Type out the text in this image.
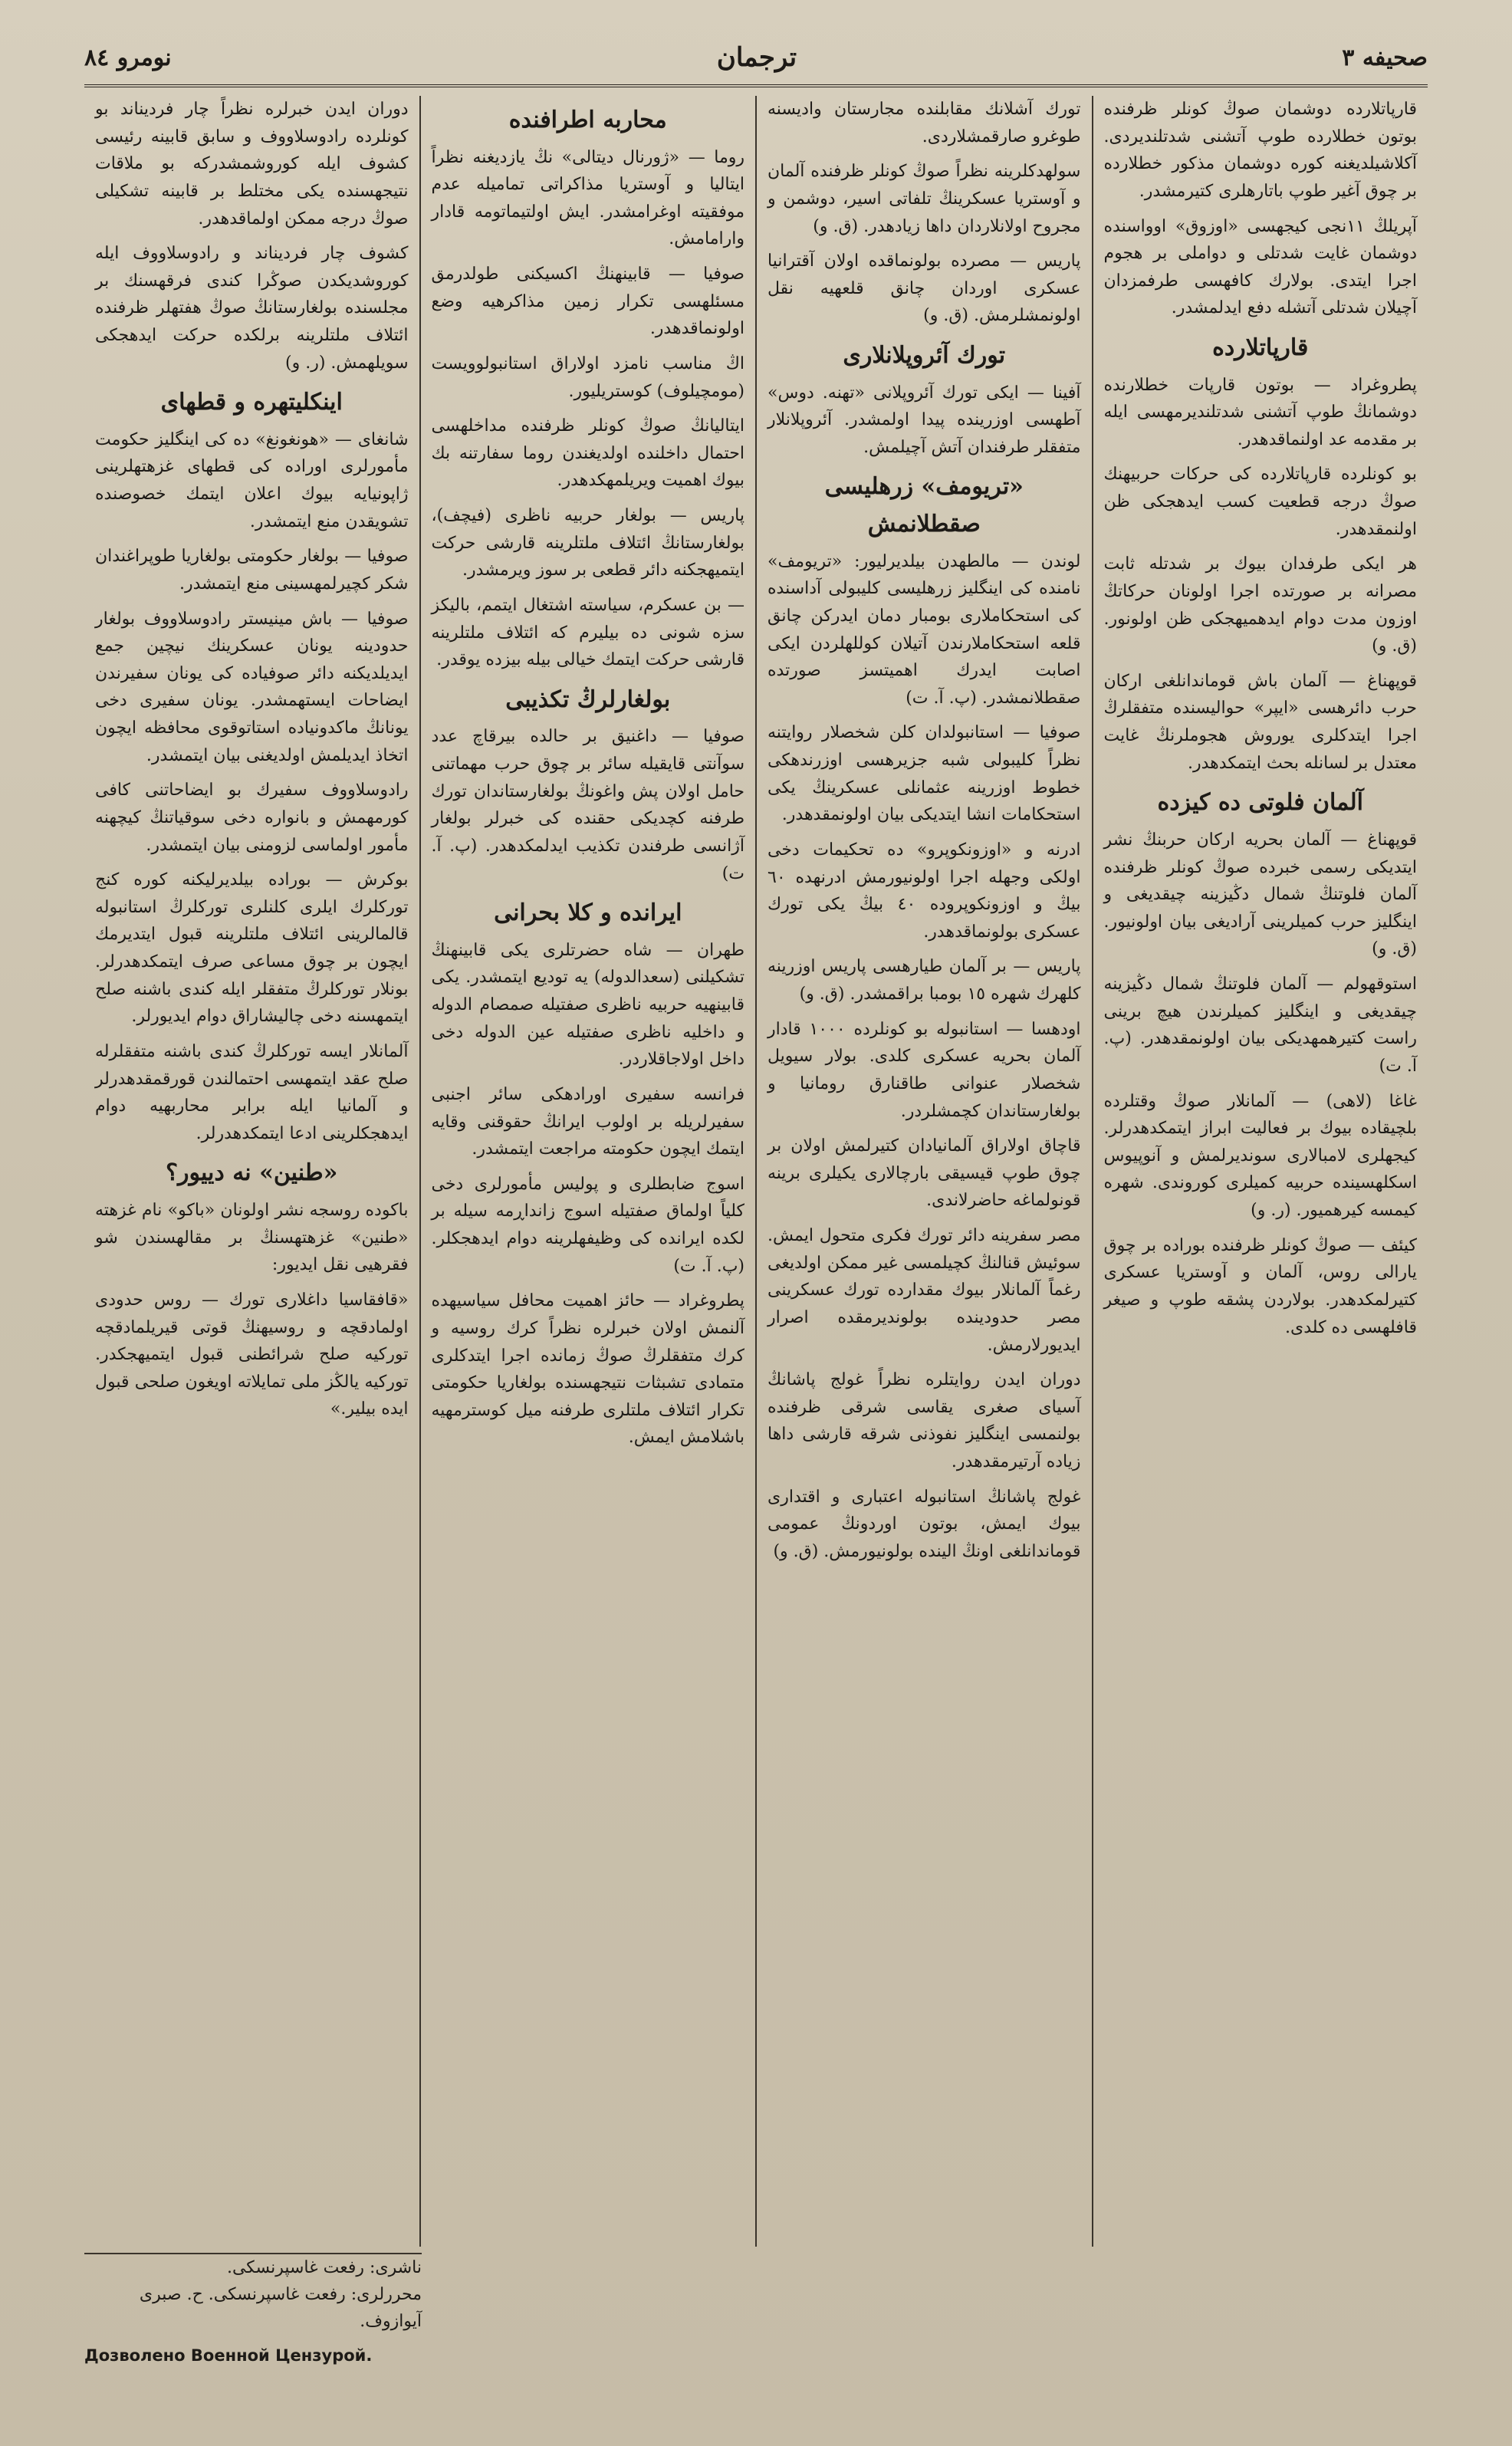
صحيفه ٣
ترجمان
نومرو ٨٤

قارپاتلارده دوشمان صوڭ كونلر ظرفنده بوتون خطلارده طوپ آتشنی شدتلندیردی. آكلاشیلدیغنه كوره دوشمان مذكور خطلارده بر چوق آغیر طوپ باتارهلری كتیرمشدر.

آپریلڭ ١١نجی كیجهسی «اوزوق» اوواسنده دوشمان غایت شدتلی و دواملی بر هجوم اجرا ایتدی. بولارك كافهسی طرفمزدان آچیلان شدتلی آتشله دفع ایدلمشدر.

قارپاتلارده

پطروغراد — بوتون قارپات خطلارنده دوشمانڭ طوپ آتشنی شدتلندیرمهسی ایله بر مقدمه عد اولنماقدهدر.

بو كونلرده قارپاتلارده كی حركات حربیهنك صوڭ درجه قطعیت كسب ایدهجكی ظن اولنمقدهدر.

هر ایكی طرفدان بیوك بر شدتله ثابت مصرانه بر صورتده اجرا اولونان حركاتڭ اوزون مدت دوام ایدهمیهجكی ظن اولونور. (ق. و)

قوپهناغ — آلمان باش قوماندانلغی اركان حرب دائرهسی «ایپر» حوالیسنده متفقلرڭ اجرا ایتدكلری یوروش هجوملرنڭ غایت معتدل بر لسانله بحث ایتمكدهدر.

آلمان فلوتی ده كیزده

قوپهناغ — آلمان بحریه اركان حربنڭ نشر ایتدیكی رسمی خبرده صوڭ كونلر ظرفنده آلمان فلوتنڭ شمال دڭیزینه چیقدیغی و اینگلیز حرب كمیلرینی آرادیغی بیان اولونیور. (ق. و)

استوقهولم — آلمان فلوتنڭ شمال دڭیزینه چیقدیغی و اینگلیز كمیلرندن هیچ برینی راست كتیرهمهدیكی بیان اولونمقدهدر. (پ. آ. ت)

غاغا (لاهی) — آلمانلار صوڭ وقتلرده بلچیقاده بیوك بر فعالیت ابراز ایتمكدهدرلر. كیجهلری لامبالاری سوندیرلمش و آنوپیوس اسكلهسینده حربیه كمیلری كوروندی. شهره كیمسه كیرهمیور. (ر. و)

كیئف — صوڭ كونلر ظرفنده بوراده بر چوق یارالی روس، آلمان و آوستریا عسكری كتیرلمكدهدر. بولاردن پشقه طوپ و صیغر قافلهسی ده كلدی.

تورك آشلانك مقابلنده مجارستان واديسنه طوغرو صارقمشلاردی.

سولهدكلرینه نظراً صوڭ كونلر ظرفنده آلمان و آوستریا عسكرینڭ تلفاتی اسیر، دوشمن و مجروح اولانلاردان داها زیادهدر. (ق. و)

پاریس — مصرده بولونماقده اولان آقترانیا عسكرى اوردان چانق قلعهیه نقل اولونمشلرمش. (ق. و)

تورك آئروپلانلاری

آفینا — ایكی تورك آئروپلانی «تهنه. دوس» آطهسی اوزرینده پیدا اولمشدر. آئروپلانلار متفقلر طرفندان آتش آچیلمش.

«تریومف» زرهلیسی صقطلانمش

لوندن — مالطهدن بیلدیرلیور: «تریومف» نامنده كی اینگلیز زرهلیسی كلیبولی آداسنده كی استحكاملاری بومبار دمان ایدركن چانق قلعه استحكاملارندن آتیلان كوللهلردن ایكی اصابت ایدرك اهمیتسز صورتده صقطلانمشدر. (پ. آ. ت)

صوفیا — استانبولدان كلن شخصلار روایتنه نظراً كلیبولی شبه جزیرهسی اوزرندهكی خطوط اوزرینه عثمانلی عسكرینڭ یكی استحكامات انشا ایتدیكی بیان اولونمقدهدر.

ادرنه و «اوزونكوپرو» ده تحكیمات دخی اولكی وجهله اجرا اولونیورمش ادرنهده ٦٠ بیڭ و اوزونكوپروده ٤٠ بیڭ یكی تورك عسكری بولونماقدهدر.

پاریس — بر آلمان طیارهسی پاریس اوزرینه كلهرك شهره ١٥ بومبا براقمشدر. (ق. و)

اودهسا — استانبوله بو كونلرده ١٠٠٠ قادار آلمان بحریه عسكری كلدی. بولار سیویل شخصلار عنوانی طاقنارق رومانیا و بولغارستاندان كچمشلردر.

قاچاق اولاراق آلمانیادان كتیرلمش اولان بر چوق طوپ قیسیقی بارچالاری یكیلری برینه قونولماغه حاضرلاندی.

مصر سفرینه دائر تورك فكری متحول ایمش. سوئیش قنالنڭ كچیلمسی غیر ممكن اولدیغی رغماً آلمانلار بیوك مقدارده تورك عسكرینی مصر حدودینده بولوندیرمقده اصرار ایدیورلارمش.

دوران ایدن روایتلره نظراً غولج پاشانڭ آسیای صغری یقاسی شرقی ظرفنده بولنمسی اینگلیز نفوذنی شرقه قارشی داها زیاده آرتیرمقدهدر.

غولج پاشانڭ استانبوله اعتباری و اقتداری بیوك ایمش، بوتون اوردونڭ عمومی قوماندانلغی اونڭ الینده بولونیورمش. (ق. و)

محاربه اطرافنده

روما — «ژورنال دیتالی» نڭ یازدیغنه نظراً ایتالیا و آوستریا مذاكراتی تمامیله عدم موفقیته اوغرامشدر. ایش اولتیماتومه قادار وارامامش.

صوفیا — قابینهنڭ اكسیكنی طولدرمق مسئلهسی تكرار زمین مذاكرهیه وضع اولونماقدهدر.

اڭ مناسب نامزد اولاراق استانبولوویست (مومچیلوف) كوستریلیور.

ایتالیانڭ صوڭ كونلر ظرفنده مداخلهسی احتمال داخلنده اولدیغندن روما سفارتنه بك بیوك اهمیت ویریلمهكدهدر.

پاریس — بولغار حربیه ناظری (فیچف)، بولغارستانڭ ائتلاف ملتلرینه قارشی حركت ایتمیهجكنه دائر قطعی بر سوز ویرمشدر.

— بن عسكرم، سیاسته اشتغال ایتمم، بالیكز سزه شونی ده بیلیرم كه ائتلاف ملتلرینه قارشی حركت ایتمك خیالی بیله بیزده یوقدر.

بولغارلرڭ تكذیبی

صوفیا — داغنیق بر حالده بیرقاچ عدد سوآنتی قایقیله سائر بر چوق حرب مهماتنی حامل اولان پش واغونڭ بولغارستاندان تورك طرفنه كچدیكی حقنده كی خبرلر بولغار آژانسی طرفندن تكذیب ایدلمكدهدر. (پ. آ. ت)

ایرانده و كلا بحرانی

طهران — شاه حضرتلری یكی قابینهنڭ تشكیلنی (سعدالدوله) یه تودیع ایتمشدر. یكی قابینهیه حربیه ناظری صفتیله صمصام الدوله و داخلیه ناظری صفتیله عین الدوله دخی داخل اولاجاقلاردر.

فرانسه سفیری اورادهكی سائر اجنبی سفیرلریله بر اولوب ایرانڭ حقوقنی وقایه ایتمك ایچون حكومته مراجعت ایتمشدر.

اسوج ضابطلری و پولیس مأمورلری دخی كلیاً اولماق صفتیله اسوج زانداڕمه سیله بر لكده ایرانده كی وظیفهلرینه دوام ایدهجكلر. (پ. آ. ت)

پطروغراد — حائز اهمیت محافل سیاسیهده آلنمش اولان خبرلره نظراً كرك روسیه و كرك متفقلرڭ صوڭ زمانده اجرا ایتدكلری متمادی تشبثات نتیجهسنده بولغاریا حكومتی تكرار ائتلاف ملتلری طرفنه میل كوسترمهیه باشلامش ایمش.

دوران ایدن خبرلره نظراً چار فردیناند بو كونلرده رادوسلاووف و سابق قابینه رئیسی كشوف ایله كوروشمشدركه بو ملاقات نتیجهسنده یكی مختلط بر قابینه تشكیلی صوڭ درجه ممكن اولماقدهدر.

كشوف چار فردیناند و رادوسلاووف ایله كوروشدیكدن صوڭرا كندی فرقهسنك بر مجلسنده بولغارستانڭ صوڭ هفتهلر ظرفنده ائتلاف ملتلرینه برلكده حركت ایدهجكی سویلهمش. (ر. و)

اینكلیتهره و قطهای

شانغای — «هونغونغ» ده كی اینگلیز حكومت مأمورلری اوراده كی قطهای غزهتهلرینی ژاپونیایه بیوك اعلان ایتمك خصوصنده تشویقدن منع ایتمشدر.

صوفیا — بولغار حكومتی بولغاریا طوپراغندان شكر كچیرلمهسینی منع ایتمشدر.

صوفیا — باش مینیستر رادوسلاووف بولغار حدودینه یونان عسكرینك نیچین جمع ایدیلدیكنه دائر صوفیاده كی یونان سفیرندن ایضاحات ایستهمشدر. یونان سفیری دخی یونانڭ ماكدونیاده استاتوقوی محافظه ایچون اتخاذ ایدیلمش اولدیغنی بیان ایتمشدر.

رادوسلاووف سفیرك بو ایضاحاتنی كافی كورمهمش و بانواره دخی سوقیاتنڭ كیچهنه مأمور اولماسی لزومنی بیان ایتمشدر.

بوكرش — بوراده بیلدیرلیكنه كوره كنج توركلرك ایلری كلنلری توركلرڭ استانبوله قالمالرینی ائتلاف ملتلرینه قبول ایتدیرمك ایچون بر چوق مساعی صرف ایتمكدهدرلر. بونلار توركلرڭ متفقلر ایله كندی باشنه صلح ایتمهسنه دخی چالیشاراق دوام ایدیورلر.

آلمانلار ایسه توركلرڭ كندی باشنه متفقلرله صلح عقد ایتمهسی احتمالندن قورقمقدهدرلر و آلمانیا ایله برابر محاربهیه دوام ایدهجكلرینی ادعا ایتمكدهدرلر.

«طنین» نه دییور؟

باكوده روسجه نشر اولونان «باكو» نام غزهته «طنین» غزهتهسنڭ بر مقالهسندن شو فقرهیی نقل ایدیور:

«قافقاسیا داغلاری تورك — روس حدودی اولمادقچه و روسیهنڭ قوتی قیریلمادقچه توركیه صلح شرائطنی قبول ایتمیهجكدر. توركیه یالڭز ملی تمایلاته اویغون صلحی قبول ایده بیلیر.»

ناشری: رفعت غاسپرنسكی.
محررلری: رفعت غاسپرنسكی. ح. صبری آیوازوف.
Дозволено Военной Цензурой.
